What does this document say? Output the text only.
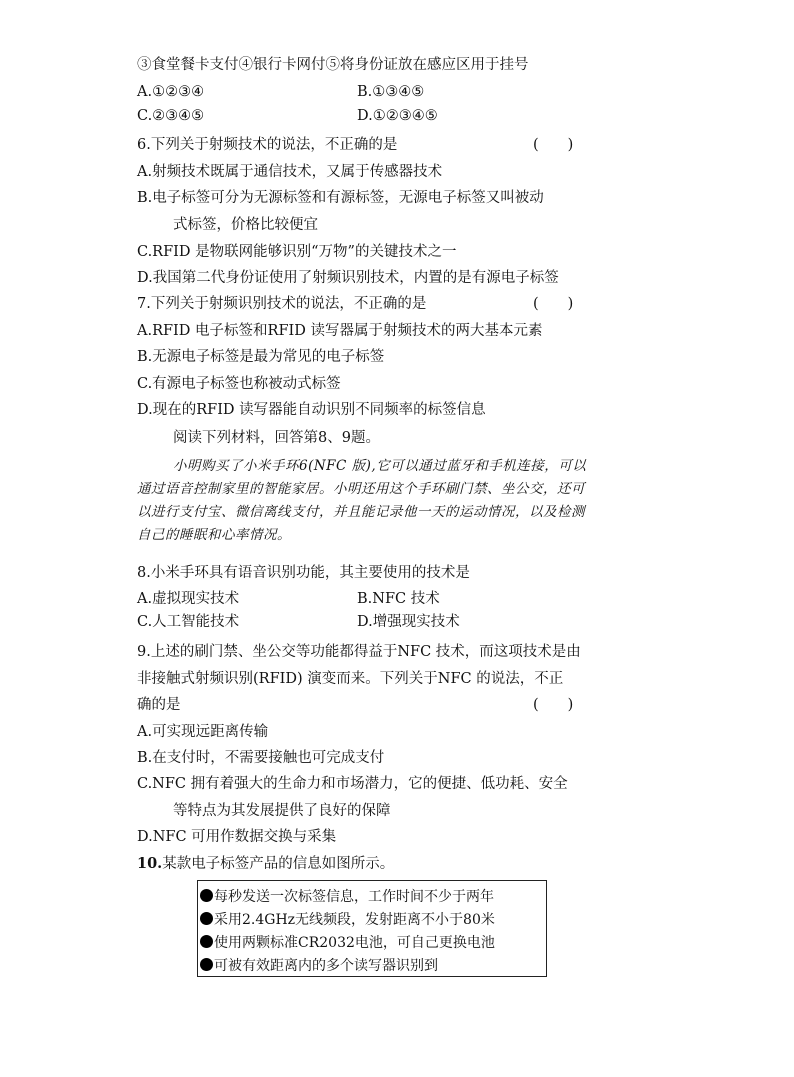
③食堂餐卡支付④银行卡网付⑤将身份证放在感应区用于挂号
A.①②③④	B.①③④⑤
C.②③④⑤	D.①②③④⑤
6.下列关于射频技术的说法，不正确的是	(　　)
A.射频技术既属于通信技术，又属于传感器技术
B.电子标签可分为无源标签和有源标签，无源电子标签又叫被动
式标签，价格比较便宜
C.RFID 是物联网能够识别“万物”的关键技术之一
D.我国第二代身份证使用了射频识别技术，内置的是有源电子标签
7.下列关于射频识别技术的说法，不正确的是	(　　)
A.RFID 电子标签和RFID 读写器属于射频技术的两大基本元素
B.无源电子标签是最为常见的电子标签
C.有源电子标签也称被动式标签
D.现在的RFID 读写器能自动识别不同频率的标签信息
阅读下列材料，回答第8、9题。

小明购买了小米手环6(NFC 版),它可以通过蓝牙和手机连接，可以通过语音控制家里的智能家居。小明还用这个手环刷门禁、坐公交，还可以进行支付宝、微信离线支付，并且能记录他一天的运动情况，以及检测自己的睡眠和心率情况。

8.小米手环具有语音识别功能，其主要使用的技术是
A.虚拟现实技术	B.NFC 技术
C.人工智能技术	D.增强现实技术
9.上述的刷门禁、坐公交等功能都得益于NFC 技术，而这项技术是由
非接触式射频识别(RFID) 演变而来。下列关于NFC 的说法，不正
确的是	(　　)
A.可实现远距离传输
B.在支付时，不需要接触也可完成支付
C.NFC 拥有着强大的生命力和市场潜力，它的便捷、低功耗、安全
等特点为其发展提供了良好的保障
D.NFC 可用作数据交换与采集
10.某款电子标签产品的信息如图所示。
每秒发送一次标签信息，工作时间不少于两年
采用2.4GHz无线频段，发射距离不小于80米
使用两颗标准CR2032电池，可自己更换电池
可被有效距离内的多个读写器识别到
